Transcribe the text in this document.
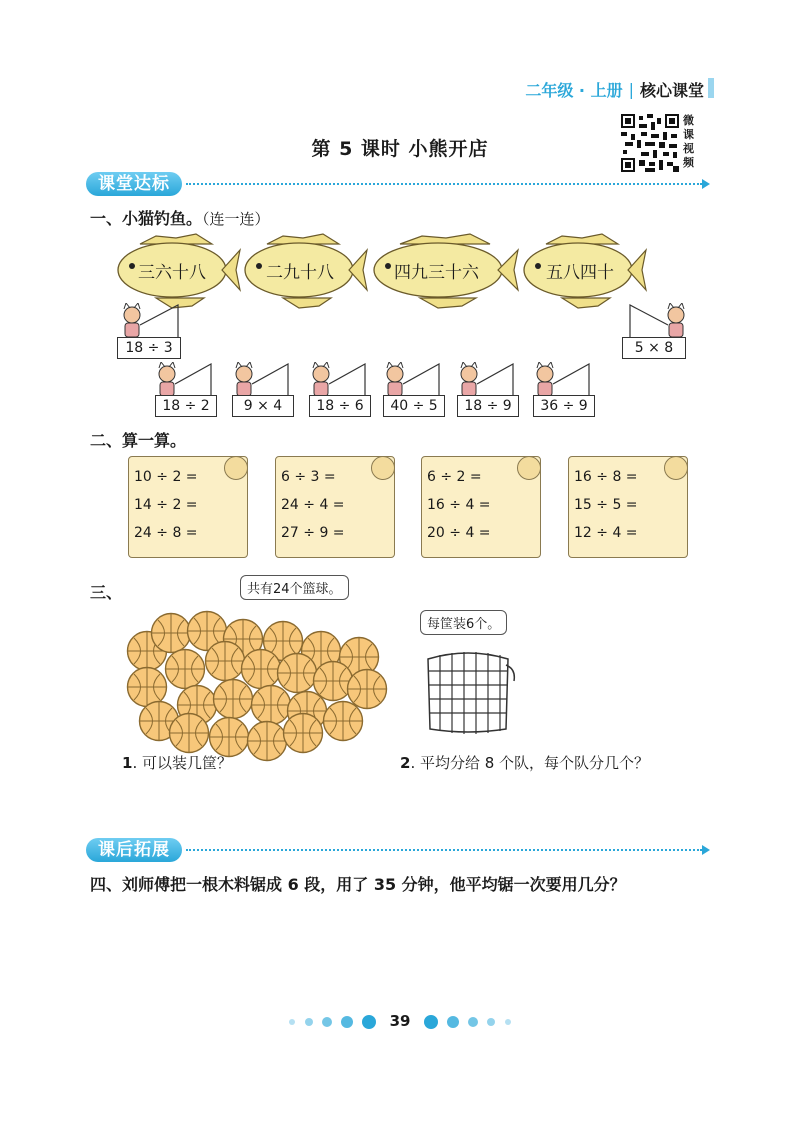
二年级 · 上册 | 核心课堂
微
课
视
频
第 5 课时 小熊开店
课堂达标
一、小猫钓鱼。（连一连）
三六十八	二九十八	四九三十六	五八四十
18 ÷ 3	5 × 8
18 ÷ 2	9 × 4	18 ÷ 6	40 ÷ 5	18 ÷ 9	36 ÷ 9
二、算一算。
10 ÷ 2 =
14 ÷ 2 =
24 ÷ 8 =
6 ÷ 3 =
24 ÷ 4 =
27 ÷ 9 =
6 ÷ 2 =
16 ÷ 4 =
20 ÷ 4 =
16 ÷ 8 =
15 ÷ 5 =
12 ÷ 4 =
三、	共有24个篮球。
每筐装6个。
1. 可以装几筐？	2. 平均分给 8 个队，每个队分几个？
课后拓展
四、刘师傅把一根木料锯成 6 段，用了 35 分钟，他平均锯一次要用几分？
39
